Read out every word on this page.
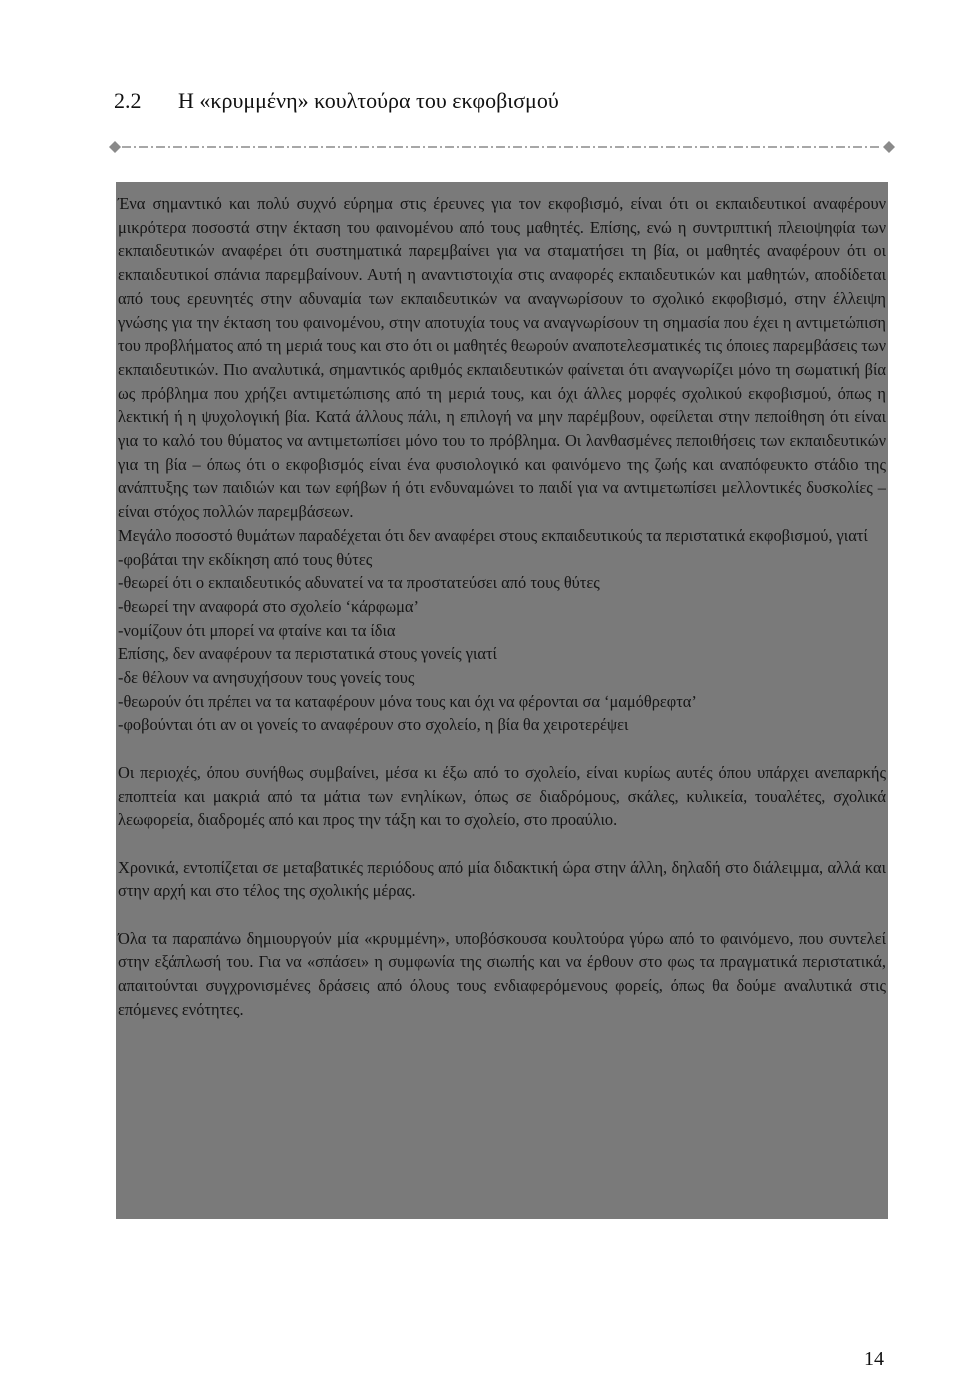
2.2 Η «κρυμμένη» κουλτούρα του εκφοβισμού

Ένα σημαντικό και πολύ συχνό εύρημα στις έρευνες για τον εκφοβισμό, είναι ότι οι εκπαιδευτικοί αναφέρουν μικρότερα ποσοστά στην έκταση του φαινομένου από τους μαθητές. Επίσης, ενώ η συντριπτική πλειοψηφία των εκπαιδευτικών αναφέρει ότι συστηματικά παρεμβαίνει για να σταματήσει τη βία, οι μαθητές αναφέρουν ότι οι εκπαιδευτικοί σπάνια παρεμβαίνουν. Αυτή η αναντιστοιχία στις αναφορές εκπαιδευτικών και μαθητών, αποδίδεται από τους ερευνητές στην αδυναμία των εκπαιδευτικών να αναγνωρίσουν το σχολικό εκφοβισμό, στην έλλειψη γνώσης για την έκταση του φαινομένου, στην αποτυχία τους να αναγνωρίσουν τη σημασία που έχει η αντιμετώπιση του προβλήματος από τη μεριά τους και στο ότι οι μαθητές θεωρούν αναποτελεσματικές τις όποιες παρεμβάσεις των εκπαιδευτικών. Πιο αναλυτικά, σημαντικός αριθμός εκπαιδευτικών φαίνεται ότι αναγνωρίζει μόνο τη σωματική βία ως πρόβλημα που χρήζει αντιμετώπισης από τη μεριά τους, και όχι άλλες μορφές σχολικού εκφοβισμού, όπως η λεκτική ή η ψυχολογική βία. Κατά άλλους πάλι, η επιλογή να μην παρέμβουν, οφείλεται στην πεποίθηση ότι είναι για το καλό του θύματος να αντιμετωπίσει μόνο του το πρόβλημα. Οι λανθασμένες πεποιθήσεις των εκπαιδευτικών για τη βία – όπως ότι ο εκφοβισμός είναι ένα φυσιολογικό και φαινόμενο της ζωής και αναπόφευκτο στάδιο της ανάπτυξης των παιδιών και των εφήβων ή ότι ενδυναμώνει το παιδί για να αντιμετωπίσει μελλοντικές δυσκολίες – είναι στόχος πολλών παρεμβάσεων.

Μεγάλο ποσοστό θυμάτων παραδέχεται ότι δεν αναφέρει στους εκπαιδευτικούς τα περιστατικά εκφοβισμού, γιατί

-φοβάται την εκδίκηση από τους θύτες
-θεωρεί ότι ο εκπαιδευτικός αδυνατεί να τα προστατεύσει από τους θύτες
-θεωρεί την αναφορά στο σχολείο ‘κάρφωμα’
-νομίζουν ότι μπορεί να φταίνε και τα ίδια
Επίσης, δεν αναφέρουν τα περιστατικά στους γονείς γιατί
-δε θέλουν να ανησυχήσουν τους γονείς τους
-θεωρούν ότι πρέπει να τα καταφέρουν μόνα τους και όχι να φέρονται σα ‘μαμόθρεφτα’
-φοβούνται ότι αν οι γονείς το αναφέρουν στο σχολείο, η βία θα χειροτερέψει

Οι περιοχές, όπου συνήθως συμβαίνει, μέσα κι έξω από το σχολείο, είναι κυρίως αυτές όπου υπάρχει ανεπαρκής εποπτεία και μακριά από τα μάτια των ενηλίκων, όπως σε διαδρόμους, σκάλες, κυλικεία, τουαλέτες, σχολικά λεωφορεία, διαδρομές από και προς την τάξη και το σχολείο, στο προαύλιο.

Χρονικά, εντοπίζεται σε μεταβατικές περιόδους από μία διδακτική ώρα στην άλλη, δηλαδή στο διάλειμμα, αλλά και στην αρχή και στο τέλος της σχολικής μέρας.

Όλα τα παραπάνω δημιουργούν μία «κρυμμένη», υποβόσκουσα κουλτούρα γύρω από το φαινόμενο, που συντελεί στην εξάπλωσή του. Για να «σπάσει» η συμφωνία της σιωπής και να έρθουν στο φως τα πραγματικά περιστατικά, απαιτούνται συγχρονισμένες δράσεις από όλους τους ενδιαφερόμενους φορείς, όπως θα δούμε αναλυτικά στις επόμενες ενότητες.

14
